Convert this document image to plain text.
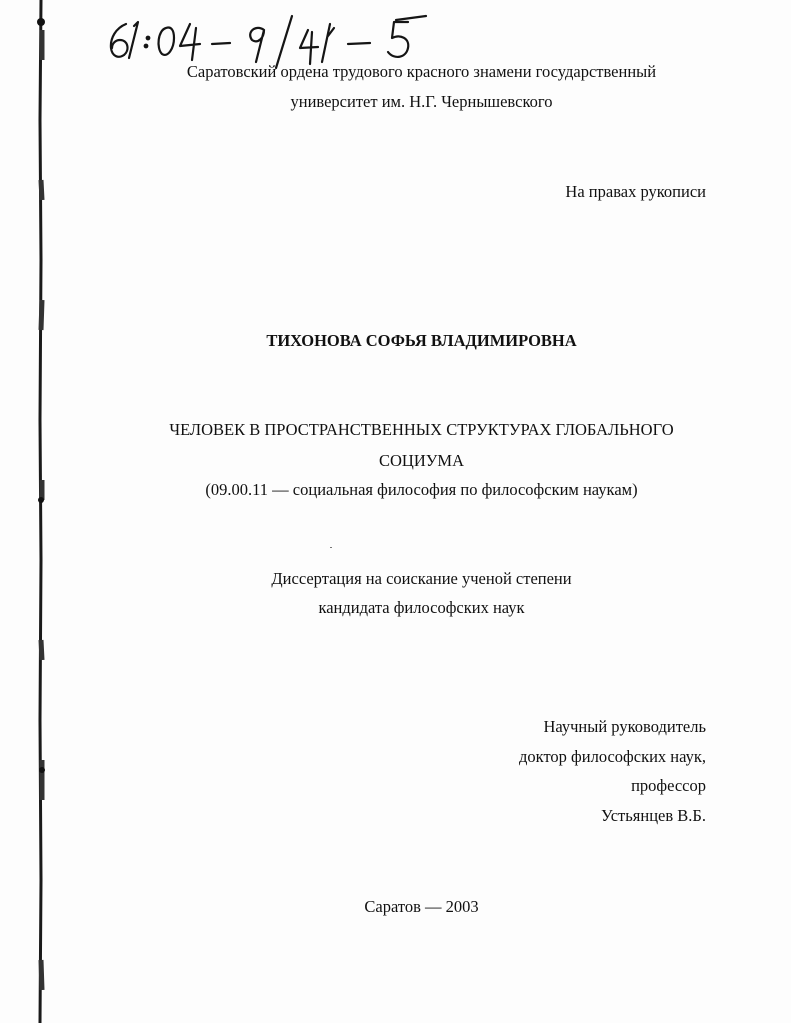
Саратовский ордена трудового красного знамени государственный
университет им. Н.Г. Чернышевского
На правах рукописи
ТИХОНОВА СОФЬЯ ВЛАДИМИРОВНА
ЧЕЛОВЕК В ПРОСТРАНСТВЕННЫХ СТРУКТУРАХ ГЛОБАЛЬНОГО
СОЦИУМА
(09.00.11 — социальная философия по философским наукам)
Диссертация на соискание ученой степени
кандидата философских наук
Научный руководитель
доктор философских наук,
профессор
Устьянцев В.Б.
Саратов — 2003
